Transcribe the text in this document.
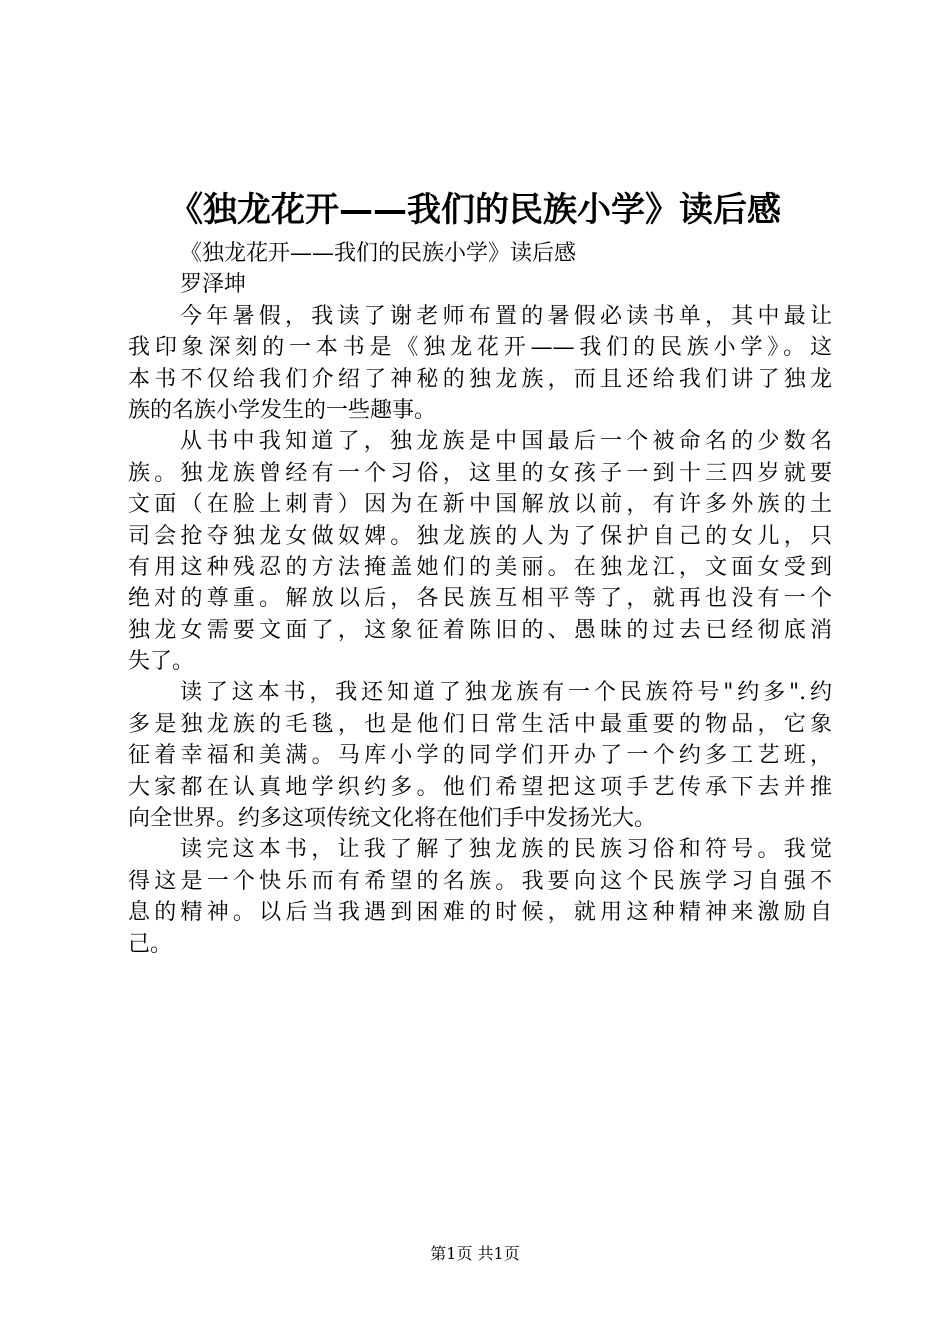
《独龙花开——我们的民族小学》读后感
《独龙花开——我们的民族小学》读后感
罗泽坤
今年暑假，我读了谢老师布置的暑假必读书单，其中最让
我印象深刻的一本书是《独龙花开——我们的民族小学》。这
本书不仅给我们介绍了神秘的独龙族，而且还给我们讲了独龙
族的名族小学发生的一些趣事。
从书中我知道了，独龙族是中国最后一个被命名的少数名
族。独龙族曾经有一个习俗，这里的女孩子一到十三四岁就要
文面（在脸上刺青）因为在新中国解放以前，有许多外族的土
司会抢夺独龙女做奴婢。独龙族的人为了保护自己的女儿，只
有用这种残忍的方法掩盖她们的美丽。在独龙江，文面女受到
绝对的尊重。解放以后，各民族互相平等了，就再也没有一个
独龙女需要文面了，这象征着陈旧的、愚昧的过去已经彻底消
失了。
读了这本书，我还知道了独龙族有一个民族符号"约多".约
多是独龙族的毛毯，也是他们日常生活中最重要的物品，它象
征着幸福和美满。马库小学的同学们开办了一个约多工艺班，
大家都在认真地学织约多。他们希望把这项手艺传承下去并推
向全世界。约多这项传统文化将在他们手中发扬光大。
读完这本书，让我了解了独龙族的民族习俗和符号。我觉
得这是一个快乐而有希望的名族。我要向这个民族学习自强不
息的精神。以后当我遇到困难的时候，就用这种精神来激励自
己。
第1页 共1页
